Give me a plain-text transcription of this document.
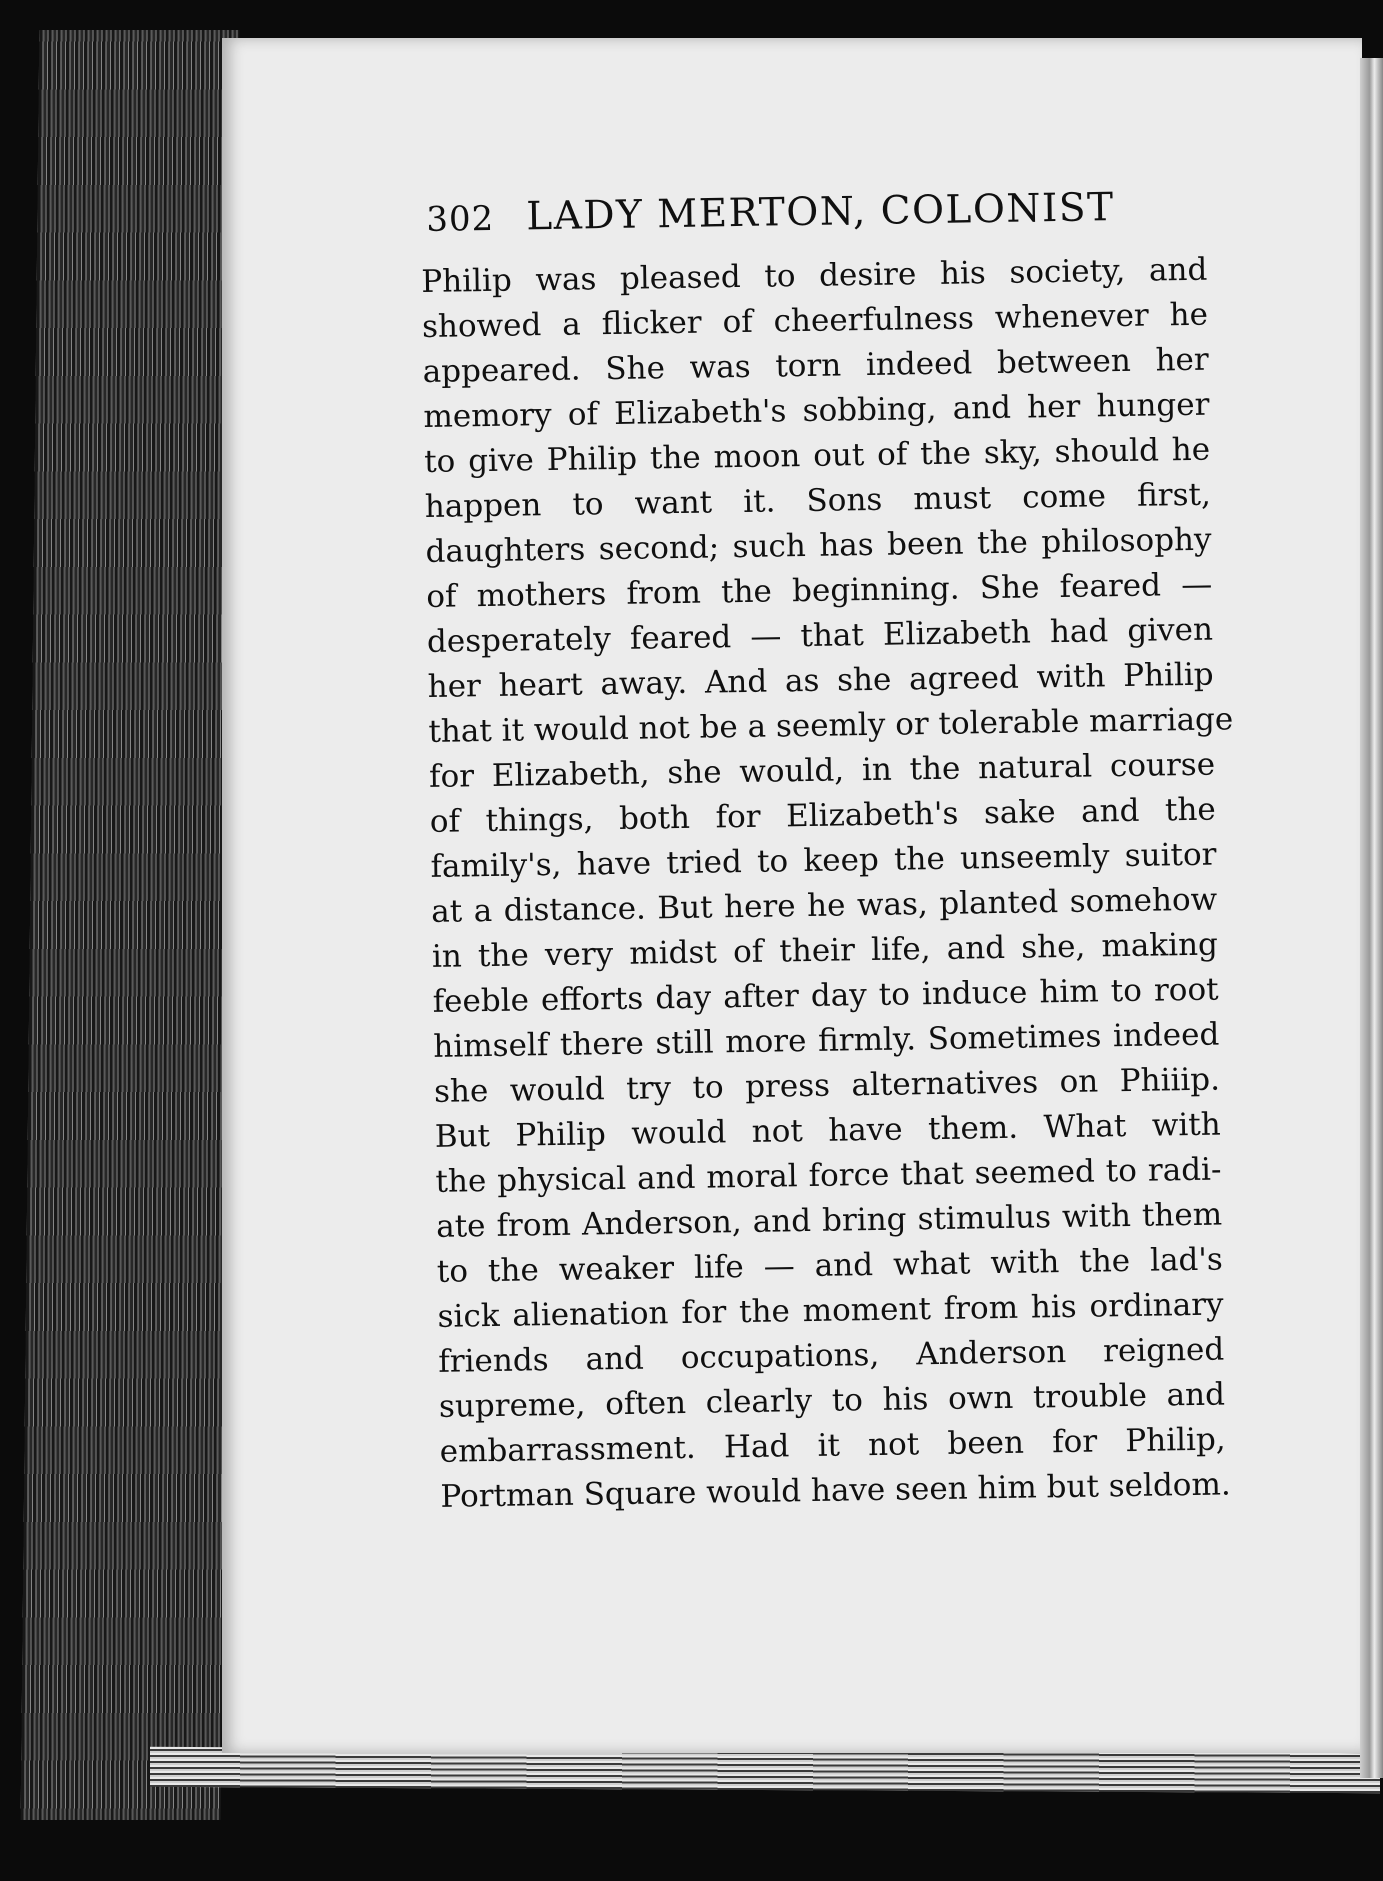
302 LADY MERTON, COLONIST
Philip was pleased to desire his society, and
showed a flicker of cheerfulness whenever he
appeared. She was torn indeed between her
memory of Elizabeth's sobbing, and her hunger
to give Philip the moon out of the sky, should he
happen to want it. Sons must come first,
daughters second; such has been the philosophy
of mothers from the beginning. She feared —
desperately feared — that Elizabeth had given
her heart away. And as she agreed with Philip
that it would not be a seemly or tolerable marriage
for Elizabeth, she would, in the natural course
of things, both for Elizabeth's sake and the
family's, have tried to keep the unseemly suitor
at a distance. But here he was, planted somehow
in the very midst of their life, and she, making
feeble efforts day after day to induce him to root
himself there still more firmly. Sometimes indeed
she would try to press alternatives on Phiiip.
But Philip would not have them. What with
the physical and moral force that seemed to radi-
ate from Anderson, and bring stimulus with them
to the weaker life — and what with the lad's
sick alienation for the moment from his ordinary
friends and occupations, Anderson reigned
supreme, often clearly to his own trouble and
embarrassment. Had it not been for Philip,
Portman Square would have seen him but seldom.
